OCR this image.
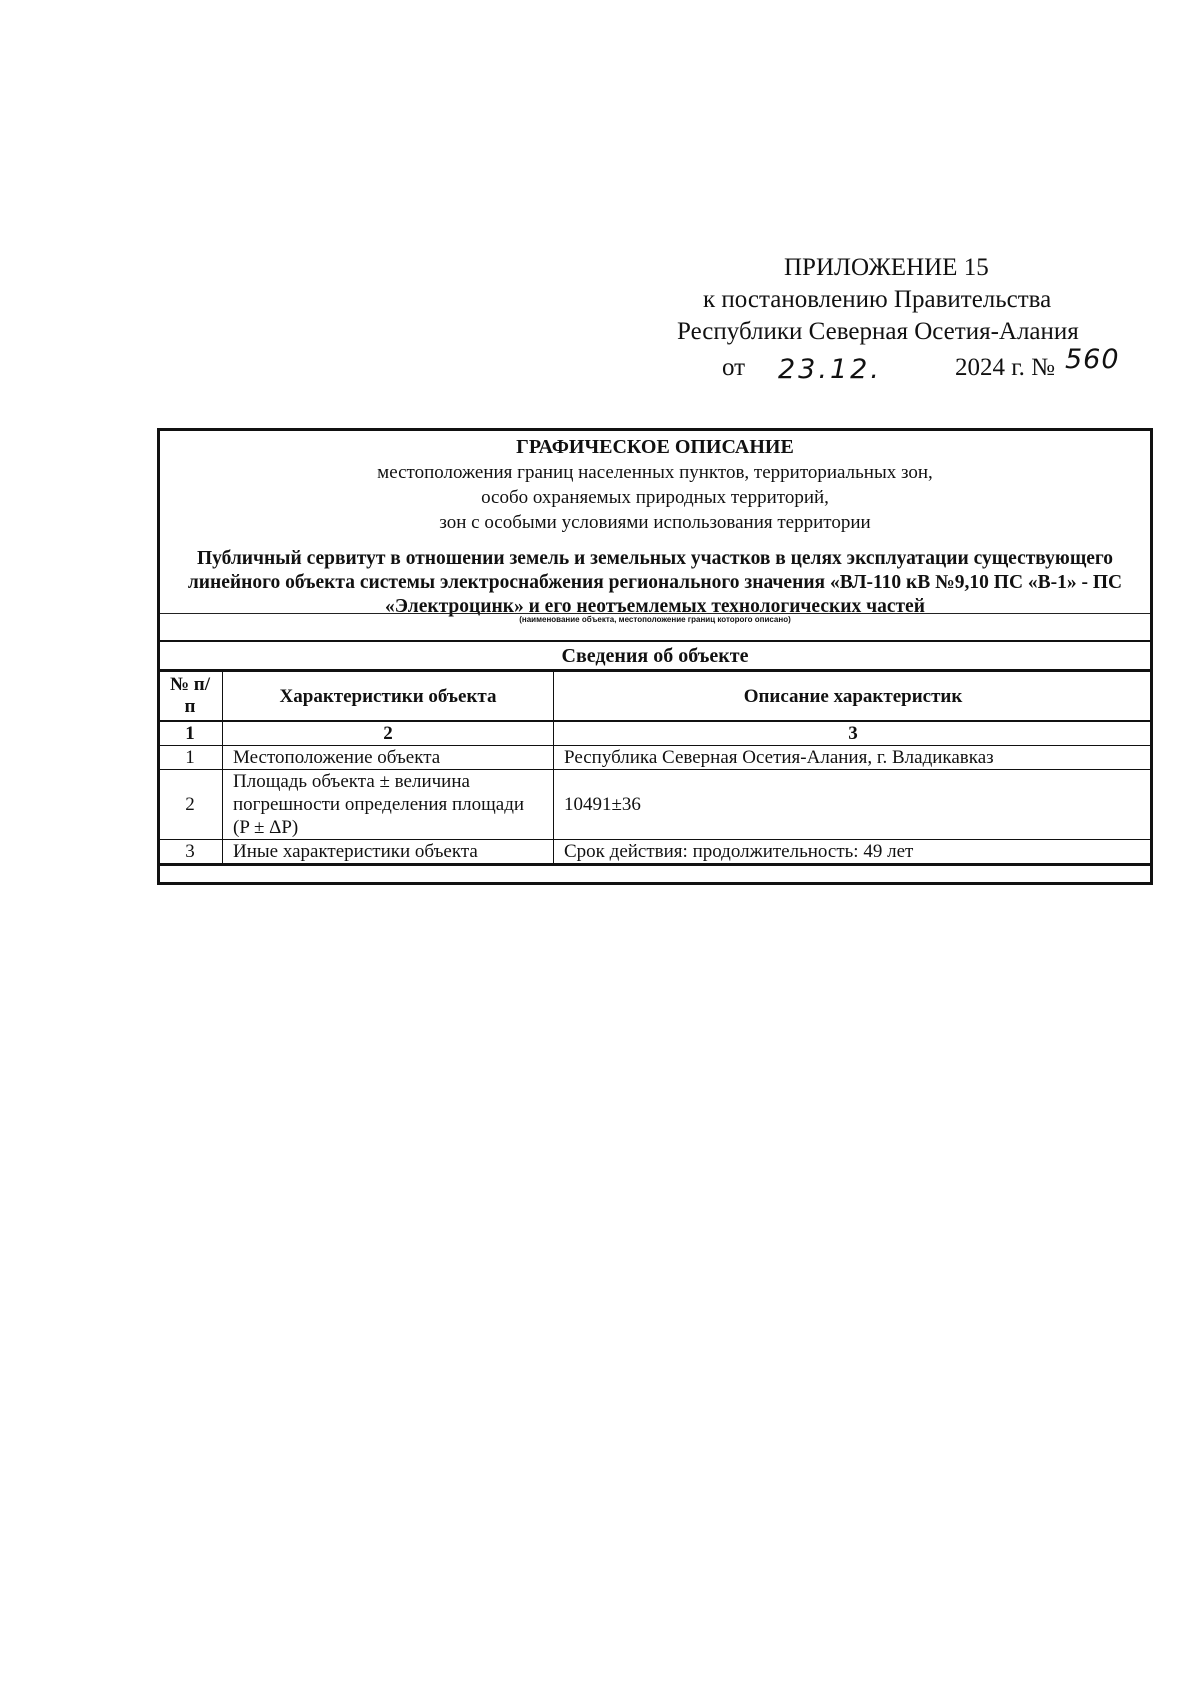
ПРИЛОЖЕНИЕ 15
к постановлению Правительства
Республики Северная Осетия-Алания
от 23.12.	2024 г. № 560
ГРАФИЧЕСКОЕ ОПИСАНИЕ
местоположения границ населенных пунктов, территориальных зон,
особо охраняемых природных территорий,
зон с особыми условиями использования территории
Публичный сервитут в отношении земель и земельных участков в целях эксплуатации существующего линейного объекта системы электроснабжения регионального значения «ВЛ-110 кВ №9,10 ПС «В-1» - ПС «Электроцинк» и его неотъемлемых технологических частей
(наименование объекта, местоположение границ которого описано)
Сведения об объекте
№ п/п	Характеристики объекта	Описание характеристик
1	2	3
1	Местоположение объекта	Республика Северная Осетия-Алания, г. Владикавказ
2	Площадь объекта ± величина погрешности определения площади (P ± ΔP)	10491±36
3	Иные характеристики объекта	Срок действия: продолжительность: 49 лет
